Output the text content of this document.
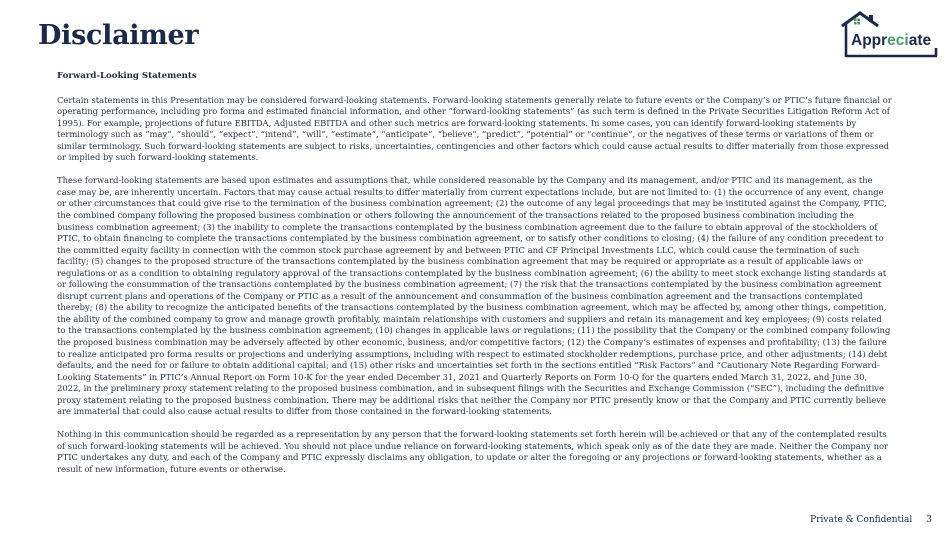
Disclaimer	Appreciate
Forward-Looking Statements

Certain statements in this Presentation may be considered forward-looking statements. Forward-looking statements generally relate to future events or the Company’s or PTIC’s future financial or operating performance, including pro forma and estimated financial information, and other “forward-looking statements” (as such term is defined in the Private Securities Litigation Reform Act of 1995). For example, projections of future EBITDA, Adjusted EBITDA and other such metrics are forward-looking statements. In some cases, you can identify forward-looking statements by terminology such as “may”, “should”, “expect”, “intend”, “will”, “estimate”, “anticipate”, “believe”, “predict”, “potential” or “continue”, or the negatives of these terms or variations of them or similar terminology. Such forward-looking statements are subject to risks, uncertainties, contingencies and other factors which could cause actual results to differ materially from those expressed or implied by such forward-looking statements.

These forward-looking statements are based upon estimates and assumptions that, while considered reasonable by the Company and its management, and/or PTIC and its management, as the case may be, are inherently uncertain. Factors that may cause actual results to differ materially from current expectations include, but are not limited to: (1) the occurrence of any event, change or other circumstances that could give rise to the termination of the business combination agreement; (2) the outcome of any legal proceedings that may be instituted against the Company, PTIC, the combined company following the proposed business combination or others following the announcement of the transactions related to the proposed business combination including the business combination agreement; (3) the inability to complete the transactions contemplated by the business combination agreement due to the failure to obtain approval of the stockholders of PTIC, to obtain financing to complete the transactions contemplated by the business combination agreement, or to satisfy other conditions to closing; (4) the failure of any condition precedent to the committed equity facility in connection with the common stock purchase agreement by and between PTIC and CF Principal Investments LLC, which could cause the termination of such facility; (5) changes to the proposed structure of the transactions contemplated by the business combination agreement that may be required or appropriate as a result of applicable laws or regulations or as a condition to obtaining regulatory approval of the transactions contemplated by the business combination agreement; (6) the ability to meet stock exchange listing standards at or following the consummation of the transactions contemplated by the business combination agreement; (7) the risk that the transactions contemplated by the business combination agreement disrupt current plans and operations of the Company or PTIC as a result of the announcement and consummation of the business combination agreement and the transactions contemplated thereby; (8) the ability to recognize the anticipated benefits of the transactions contemplated by the business combination agreement, which may be affected by, among other things, competition, the ability of the combined company to grow and manage growth profitably, maintain relationships with customers and suppliers and retain its management and key employees; (9) costs related to the transactions contemplated by the business combination agreement; (10) changes in applicable laws or regulations; (11) the possibility that the Company or the combined company following the proposed business combination may be adversely affected by other economic, business, and/or competitive factors; (12) the Company’s estimates of expenses and profitability; (13) the failure to realize anticipated pro forma results or projections and underlying assumptions, including with respect to estimated stockholder redemptions, purchase price, and other adjustments; (14) debt defaults, and the need for or failure to obtain additional capital; and (15) other risks and uncertainties set forth in the sections entitled “Risk Factors” and “Cautionary Note Regarding Forward-Looking Statements” in PTIC’s Annual Report on Form 10-K for the year ended December 31, 2021 and Quarterly Reports on Form 10-Q for the quarters ended March 31, 2022, and June 30, 2022, in the preliminary proxy statement relating to the proposed business combination, and in subsequent filings with the Securities and Exchange Commission (“SEC”), including the definitive proxy statement relating to the proposed business combination. There may be additional risks that neither the Company nor PTIC presently know or that the Company and PTIC currently believe are immaterial that could also cause actual results to differ from those contained in the forward-looking statements.

Nothing in this communication should be regarded as a representation by any person that the forward-looking statements set forth herein will be achieved or that any of the contemplated results of such forward-looking statements will be achieved. You should not place undue reliance on forward-looking statements, which speak only as of the date they are made. Neither the Company nor PTIC undertakes any duty, and each of the Company and PTIC expressly disclaims any obligation, to update or alter the foregoing or any projections or forward-looking statements, whether as a result of new information, future events or otherwise.

Private & Confidential 3
